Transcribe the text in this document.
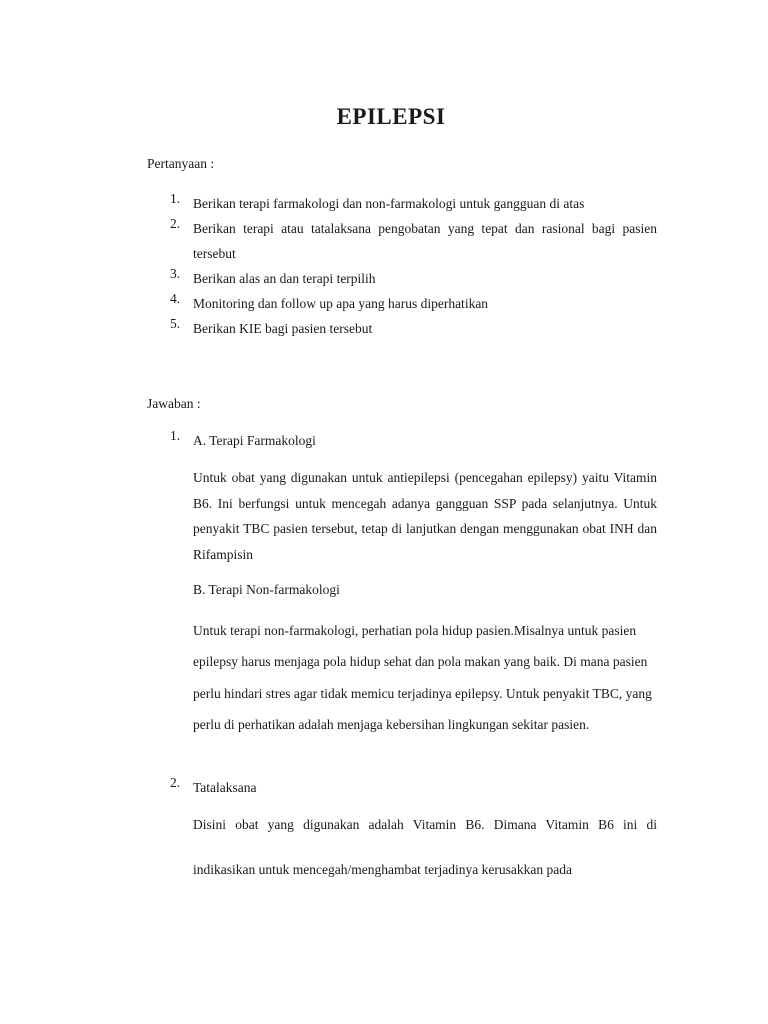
EPILEPSI
Pertanyaan :
1. Berikan terapi farmakologi dan non-farmakologi untuk gangguan di atas
2. Berikan terapi atau tatalaksana pengobatan yang tepat dan rasional bagi pasien tersebut
3. Berikan alas an dan terapi terpilih
4. Monitoring dan follow up apa yang harus diperhatikan
5. Berikan KIE bagi pasien tersebut
Jawaban :
1. A. Terapi Farmakologi
Untuk obat yang digunakan untuk antiepilepsi (pencegahan epilepsy) yaitu Vitamin B6. Ini berfungsi untuk mencegah adanya gangguan SSP pada selanjutnya. Untuk penyakit TBC pasien tersebut, tetap di lanjutkan dengan menggunakan obat INH dan Rifampisin
B. Terapi Non-farmakologi
Untuk terapi non-farmakologi, perhatian pola hidup pasien.Misalnya untuk pasien epilepsy harus menjaga pola hidup sehat dan pola makan yang baik. Di mana pasien perlu hindari stres agar tidak memicu terjadinya epilepsy. Untuk penyakit TBC, yang perlu di perhatikan adalah menjaga kebersihan lingkungan sekitar pasien.
2. Tatalaksana
Disini obat yang digunakan adalah Vitamin B6. Dimana Vitamin B6 ini di indikasikan untuk mencegah/menghambat terjadinya kerusakkan pada
